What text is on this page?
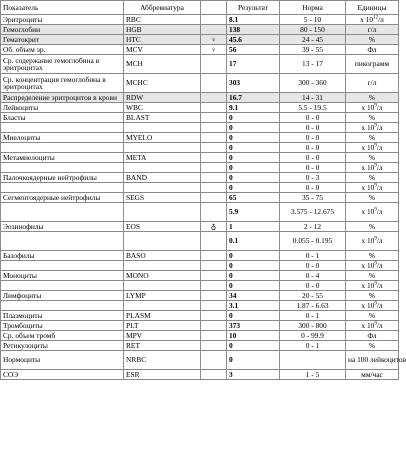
Показатель	Аббревиатура		Результат	Норма	Единицы
Эритроциты	RBC		8.1	5 - 10	x $10^{12}/л$
Гемоглобин	HGB		138	80 - 150	г/л
Гематокрит	HTC	♀	45.6	24 - 45	%
Об. объем эр.	MCV	♀	56	39 - 55	Фл
Ср. содержание гемоглобина в эритроцитах	MCH		17	13 - 17	пикограмм
Ср. концентрация гемоглобина в эритроцитах	MCHC		303	300 - 360	г/л
Распределение эритроцитов в крови	RDW		16.7	14 - 31	%
Лейкоциты	WBC		9.1	5.5 - 19.5	x $10^9/л$
Бласты	BLAST		0	0 - 0	%
			0	0 - 0	x $10^9/л$
Миелоциты	MYELO		0	0 - 0	%
			0	0 - 0	x $10^9/л$
Метамиелоциты	META		0	0 - 0	%
			0	0 - 0	x $10^9/л$
Палочкоядерные нейтрофилы	BAND		0	0 - 3	%
			0	0 - 0	x $10^9/л$
Сегментоядерные нейтрофилы	SEGS		65	35 - 75	%
			5.9	3.575 - 12.675	x $10^9/л$
Эозинофилы	EOS	♁	1	2 - 12	%
			0.1	0.055 - 0.195	x $10^9/л$
Базофилы	BASO		0	0 - 1	%
			0	0 - 0	x $10^9/л$
Моноциты	MONO		0	0 - 4	%
			0	0 - 0	x $10^9/л$
Лимфоциты	LYMP		34	20 - 55	%
			3.1	1.87 - 6.63	x $10^9/л$
Плазмоциты	PLASM		0	0 - 1	%
Тромбоциты	PLT		373	300 - 800	x $10^9/л$
Ср. объем тромб	MPV		10	0 - 99.9	Фл
Ретикулоциты	RET		0	0 - 1	%
Нормоциты	NRBC		0		на 100 лейкоцитов
СОЭ	ESR		3	1 - 5	мм/час
